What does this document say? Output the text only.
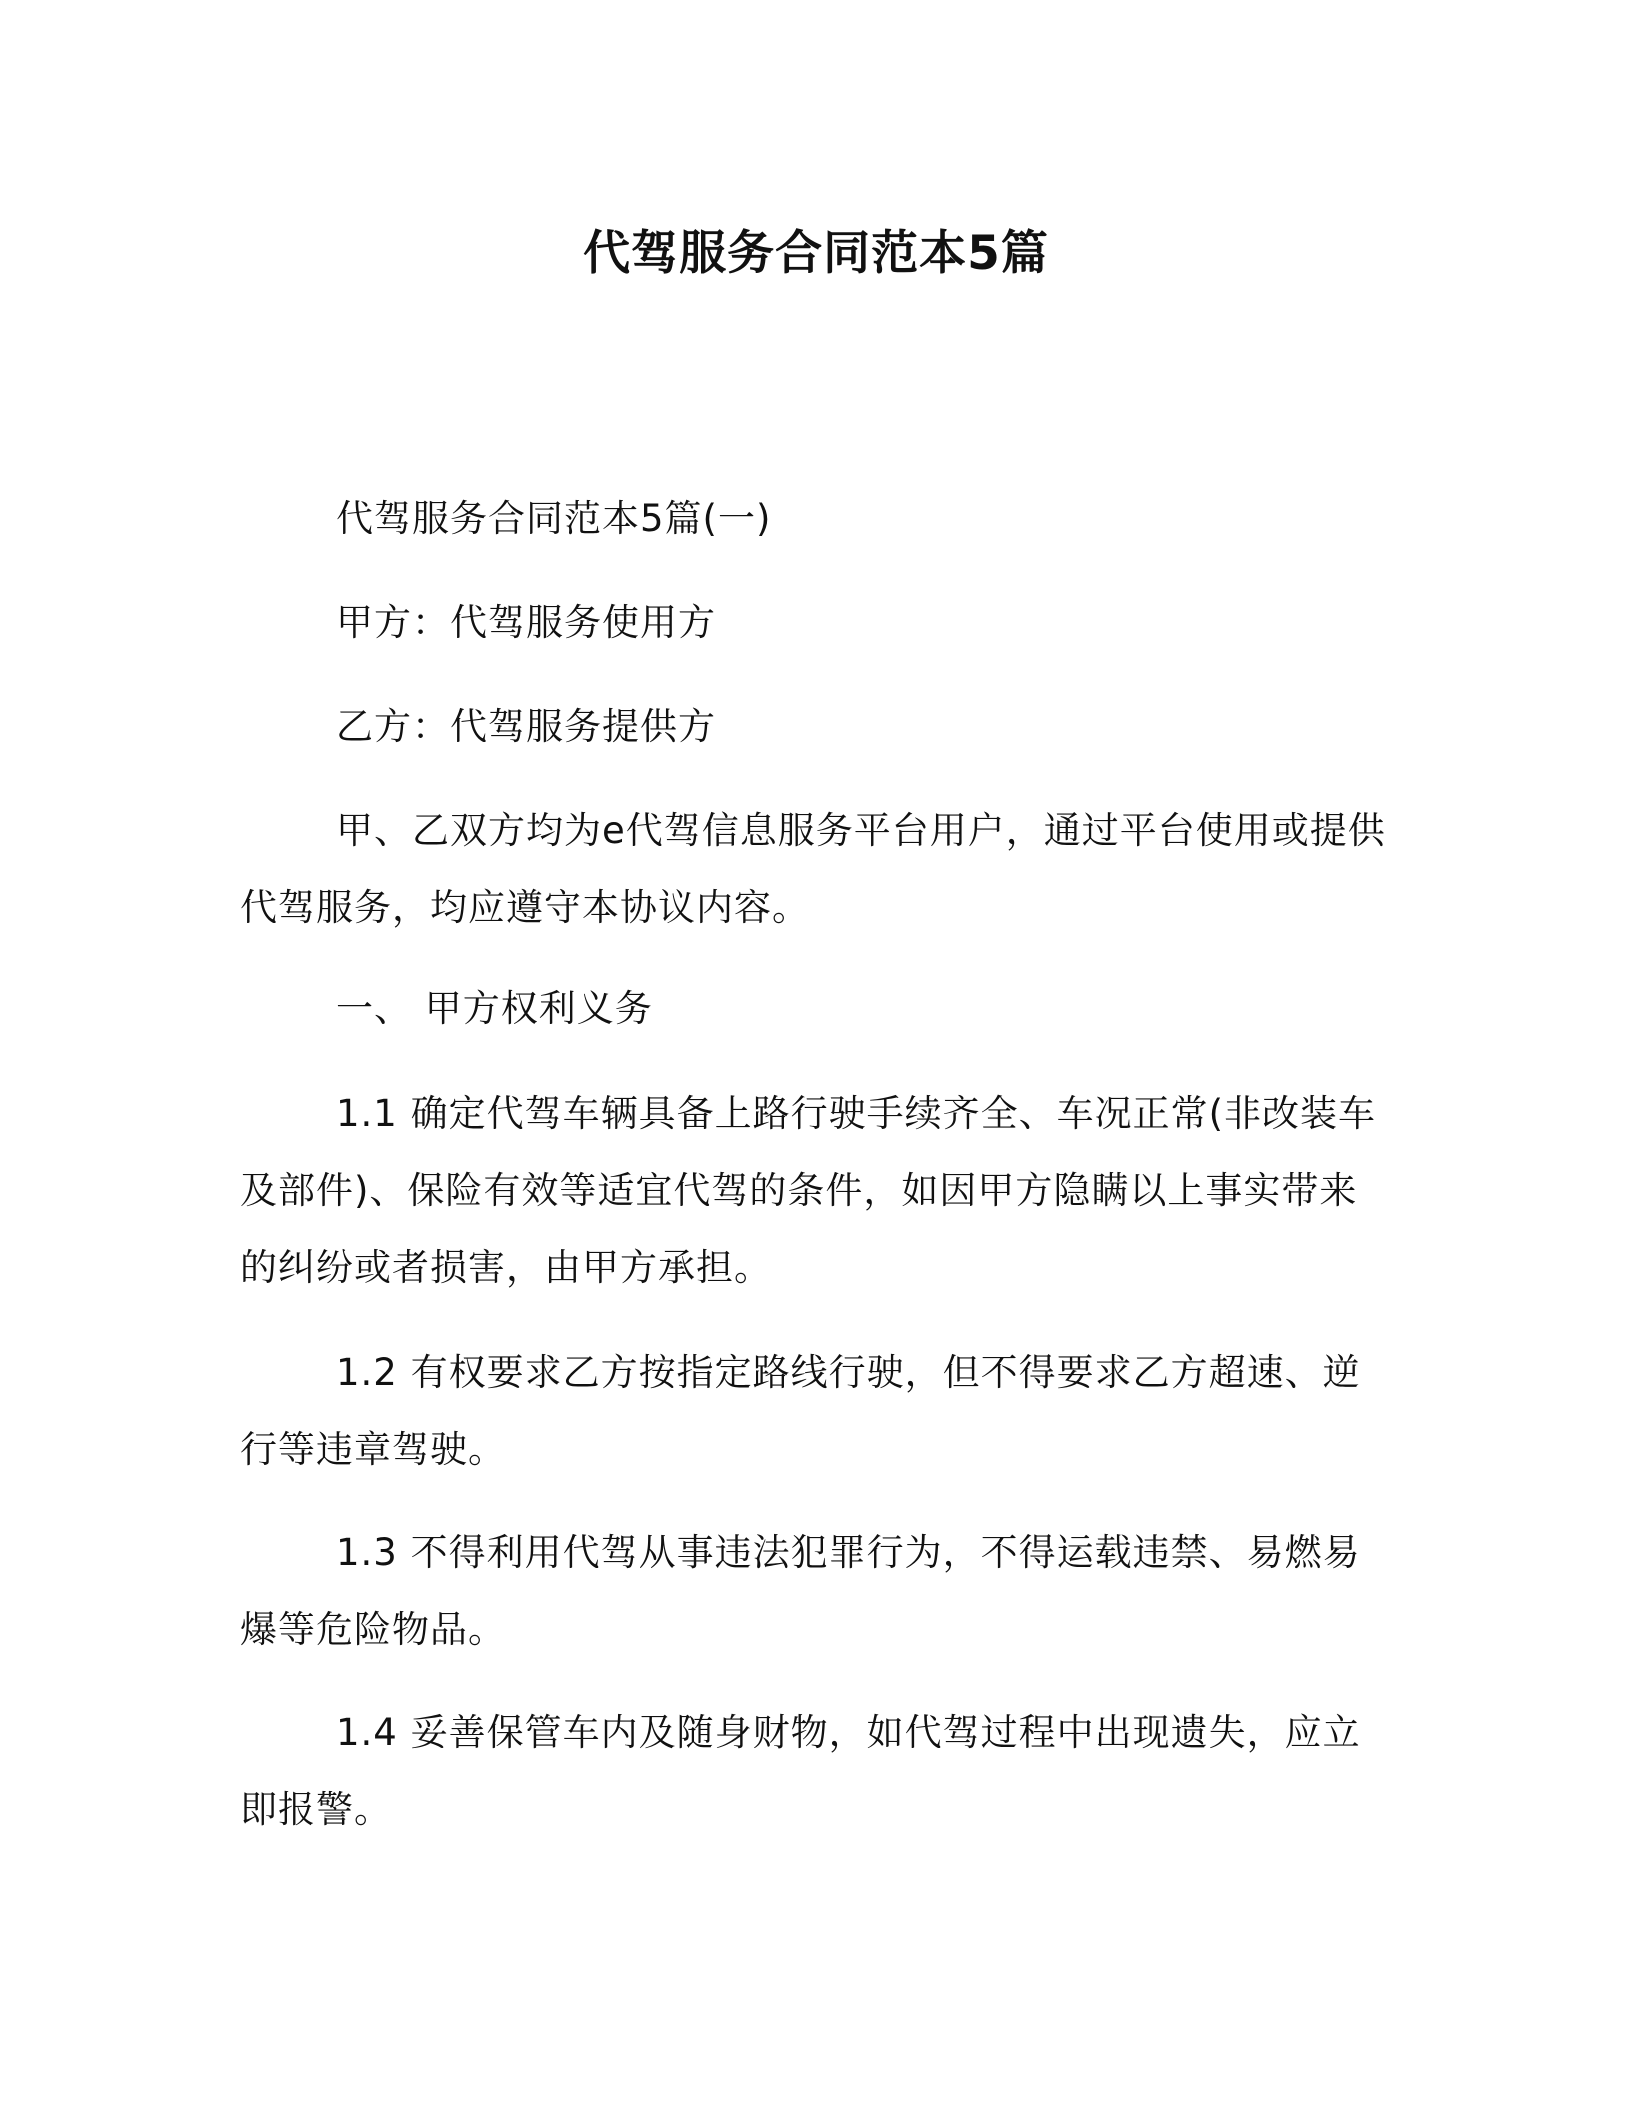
代驾服务合同范本5篇
代驾服务合同范本5篇(一)
甲方：代驾服务使用方
乙方：代驾服务提供方

甲、乙双方均为e代驾信息服务平台用户，通过平台使用或提供代驾服务，均应遵守本协议内容。

一、 甲方权利义务

1.1 确定代驾车辆具备上路行驶手续齐全、车况正常(非改装车及部件)、保险有效等适宜代驾的条件，如因甲方隐瞒以上事实带来的纠纷或者损害，由甲方承担。

1.2 有权要求乙方按指定路线行驶，但不得要求乙方超速、逆行等违章驾驶。

1.3 不得利用代驾从事违法犯罪行为，不得运载违禁、易燃易爆等危险物品。

1.4 妥善保管车内及随身财物，如代驾过程中出现遗失，应立即报警。
